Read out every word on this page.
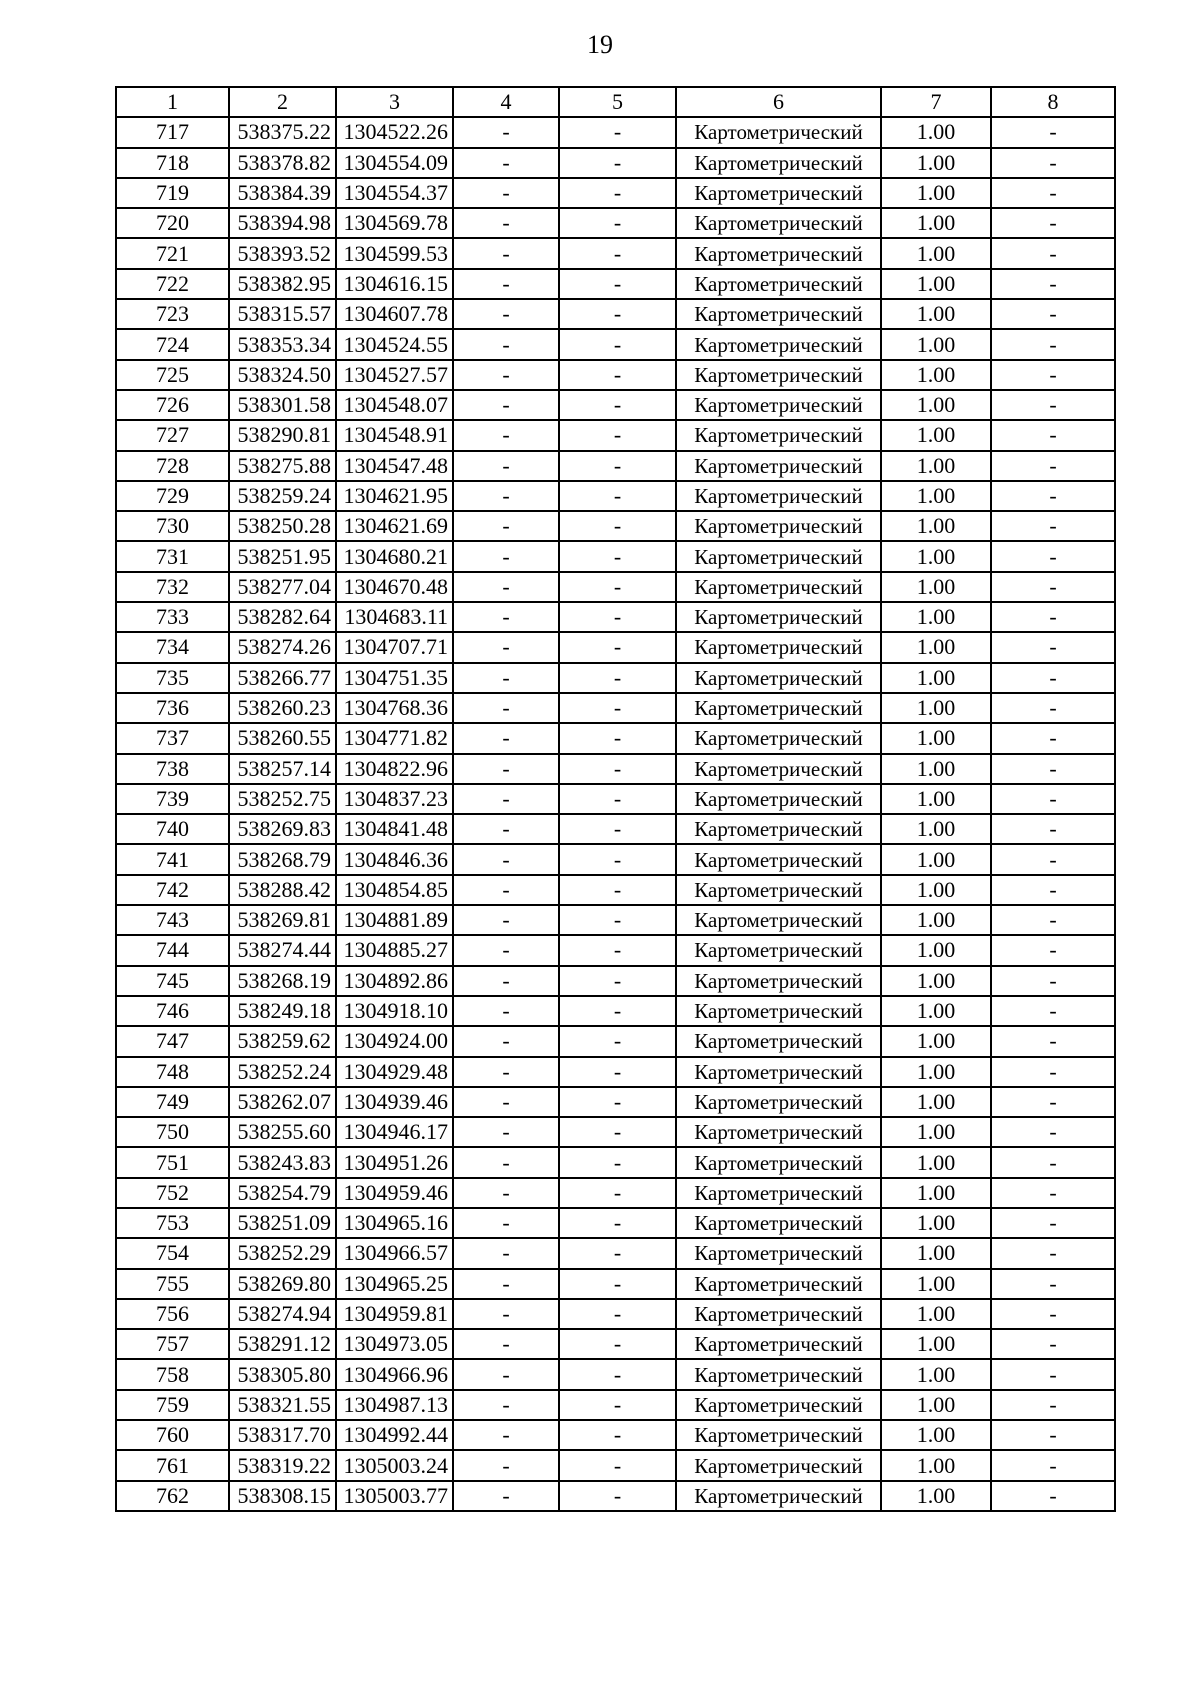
19
1	2	3	4	5	6	7	8
717	538375.22	1304522.26	-	-	Картометрический	1.00	-
718	538378.82	1304554.09	-	-	Картометрический	1.00	-
719	538384.39	1304554.37	-	-	Картометрический	1.00	-
720	538394.98	1304569.78	-	-	Картометрический	1.00	-
721	538393.52	1304599.53	-	-	Картометрический	1.00	-
722	538382.95	1304616.15	-	-	Картометрический	1.00	-
723	538315.57	1304607.78	-	-	Картометрический	1.00	-
724	538353.34	1304524.55	-	-	Картометрический	1.00	-
725	538324.50	1304527.57	-	-	Картометрический	1.00	-
726	538301.58	1304548.07	-	-	Картометрический	1.00	-
727	538290.81	1304548.91	-	-	Картометрический	1.00	-
728	538275.88	1304547.48	-	-	Картометрический	1.00	-
729	538259.24	1304621.95	-	-	Картометрический	1.00	-
730	538250.28	1304621.69	-	-	Картометрический	1.00	-
731	538251.95	1304680.21	-	-	Картометрический	1.00	-
732	538277.04	1304670.48	-	-	Картометрический	1.00	-
733	538282.64	1304683.11	-	-	Картометрический	1.00	-
734	538274.26	1304707.71	-	-	Картометрический	1.00	-
735	538266.77	1304751.35	-	-	Картометрический	1.00	-
736	538260.23	1304768.36	-	-	Картометрический	1.00	-
737	538260.55	1304771.82	-	-	Картометрический	1.00	-
738	538257.14	1304822.96	-	-	Картометрический	1.00	-
739	538252.75	1304837.23	-	-	Картометрический	1.00	-
740	538269.83	1304841.48	-	-	Картометрический	1.00	-
741	538268.79	1304846.36	-	-	Картометрический	1.00	-
742	538288.42	1304854.85	-	-	Картометрический	1.00	-
743	538269.81	1304881.89	-	-	Картометрический	1.00	-
744	538274.44	1304885.27	-	-	Картометрический	1.00	-
745	538268.19	1304892.86	-	-	Картометрический	1.00	-
746	538249.18	1304918.10	-	-	Картометрический	1.00	-
747	538259.62	1304924.00	-	-	Картометрический	1.00	-
748	538252.24	1304929.48	-	-	Картометрический	1.00	-
749	538262.07	1304939.46	-	-	Картометрический	1.00	-
750	538255.60	1304946.17	-	-	Картометрический	1.00	-
751	538243.83	1304951.26	-	-	Картометрический	1.00	-
752	538254.79	1304959.46	-	-	Картометрический	1.00	-
753	538251.09	1304965.16	-	-	Картометрический	1.00	-
754	538252.29	1304966.57	-	-	Картометрический	1.00	-
755	538269.80	1304965.25	-	-	Картометрический	1.00	-
756	538274.94	1304959.81	-	-	Картометрический	1.00	-
757	538291.12	1304973.05	-	-	Картометрический	1.00	-
758	538305.80	1304966.96	-	-	Картометрический	1.00	-
759	538321.55	1304987.13	-	-	Картометрический	1.00	-
760	538317.70	1304992.44	-	-	Картометрический	1.00	-
761	538319.22	1305003.24	-	-	Картометрический	1.00	-
762	538308.15	1305003.77	-	-	Картометрический	1.00	-
